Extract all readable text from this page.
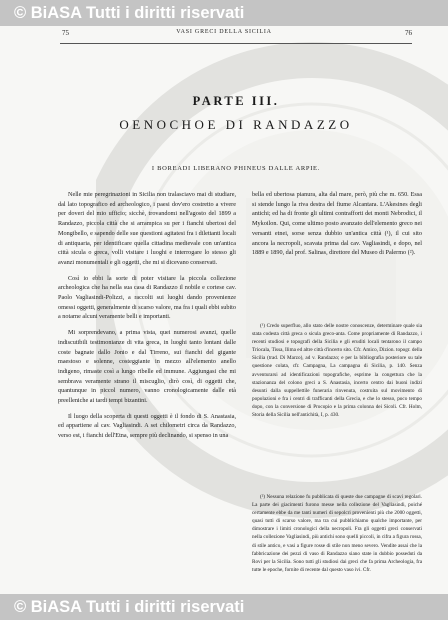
© BiASA Tutti i diritti riservati
© BiASA Tutti i diritti riservati
75	VASI GRECI DELLA SICILIA	76
PARTE III.
OENOCHOE DI RANDAZZO
I BOREADI LIBERANO PHINEUS DALLE ARPIE.

Nelle mie peregrinazioni in Sicilia non tralasciavo mai di studiare, dal lato topografico ed archeologico, i paesi dov'ero costretto a vivere per doveri del mio ufficio; sicchè, trovandomi nell'agosto del 1899 a Randazzo, piccola città che si arrampica su per i fianchi ubertosi del Mongibello, e sapendo delle sue questioni agitatesi fra i dilettanti locali di antiquaria, per identificare quella cittadina medievale con un'antica città sicula o greca, volli visitare i luoghi e interrogare lo stesso gli avanzi monumentali e gli oggetti, che mi si dicevano conservati.

Così io ebbi la sorte di poter visitare la piccola collezione archeologica che ha nella sua casa di Randazzo il nobile e cortese cav. Paolo Vagliasindi-Polizzi, a raccolti sui luoghi dando provenienze omessi oggetti, generalmente di scarso valore, ma fra i quali ebbi subito a notarne alcuni veramente belli e importanti.

Mi sorprendevano, a prima vista, quei numerosi avanzi, quelle indiscutibili testimonianze di vita greca, in luoghi tanto lontani dalle coste bagnate dallo Jonio e dal Tirreno, sui fianchi del gigante maestoso e solenne, costeggiante in mezzo all'elemento anello indigeno, rimaste così a lungo ribelle ed immune. Aggiungasi che mi sembrava veramente strano il miscuglio, dirò così, di oggetti che, quantunque in piccol numero, vanno cronologicamente dalle età preelleniche ai tardi tempi bizantini.

Il luogo della scoperta di questi oggetti è il fondo di S. Anastasia, ed appartiene al cav. Vagliasindi. A sei chilometri circa da Randazzo, verso est, i fianchi dell'Etna, sempre più declinando, si spenso in una

bella ed ubertosa pianura, alta dal mare, però, più che m. 650. Essa si stende lungo la riva destra del fiume Alcantara. L'Akesines degli antichi; ed ha di fronte gli ultimi contrafforti dei monti Nebrodici, il Mykoilon. Qui, come ultimo posto avanzato dell'elemento greco nei versanti etnei, sorse senza dubbio un'antica città (¹), il cui sito ancora la necropoli, scavata prima dal cav. Vagliasindi, e dopo, nel 1889 e 1890, dal prof. Salinas, direttore del Museo di Palermo (²).

(¹) Credo superfluo, allo stato delle nostre conoscenze, determinare quale sia stata codesta città greca o sicula greco-anta. Come propriamente di Randazzo, i recenti studiosi e topografi della Sicilia e gli eruditi locali tentarono il campo Triocala, Tissa, Ilima ed altre città d'incerto sito. Cfr. Amico, Dizion. topogr. della Sicilia (trad. Di Marzo), ad v. Randazzo; e per la bibliografia posteriore su tale questione colata, cfr. Campagna, La campagna di Sicilia, p. 140. Senza avventurarsi ad identificazioni topografiche, esprime la congettura che la stazionanza del colono greci a S. Anastasia, incerto centro dai buoni indizi desunti dalla suppellettile funeraria rinvenuta, costruita sul movimento di popolazioni e fra i centri di trafficanti della Grecia, e che lo stesso, poco tempo dopo, con la conversione di Procopio e la prima colonna dei Sicoli. Cfr. Holm, Storia della Sicilia nell'antichità, I, p. 430.

(²) Nessuna relazione fu pubblicata di queste due campagne di scavi regolari. La parte dei giacimenti furono messe nella collezione del Vagliasindi, poiché certamente ebbe da me tanti numeri di sepolcri provenienti più che 2000 oggetti, quasi tutti di scarso valore, ma tra cui pubblichiamo qualche importante, per dimostrare i limiti cronologici della necropoli. Fra gli oggetti greci conservati nella collezione Vagliasindi, più antichi sono quelli piccoli, in cifra a figura rossa, di stile antico, e vasi a figure rosse di stile non meno severo. Vendite assai che la fabbricazione dei pezzi di vaso di Randazzo siano state in dubbio posseduti da Rovi per la Sicilia. Sono tutti gli studiosi dai greci che fa prima Archeologia, fra tutte le epoche, fornite di recente dal questo vaso ivi. Cfr.
